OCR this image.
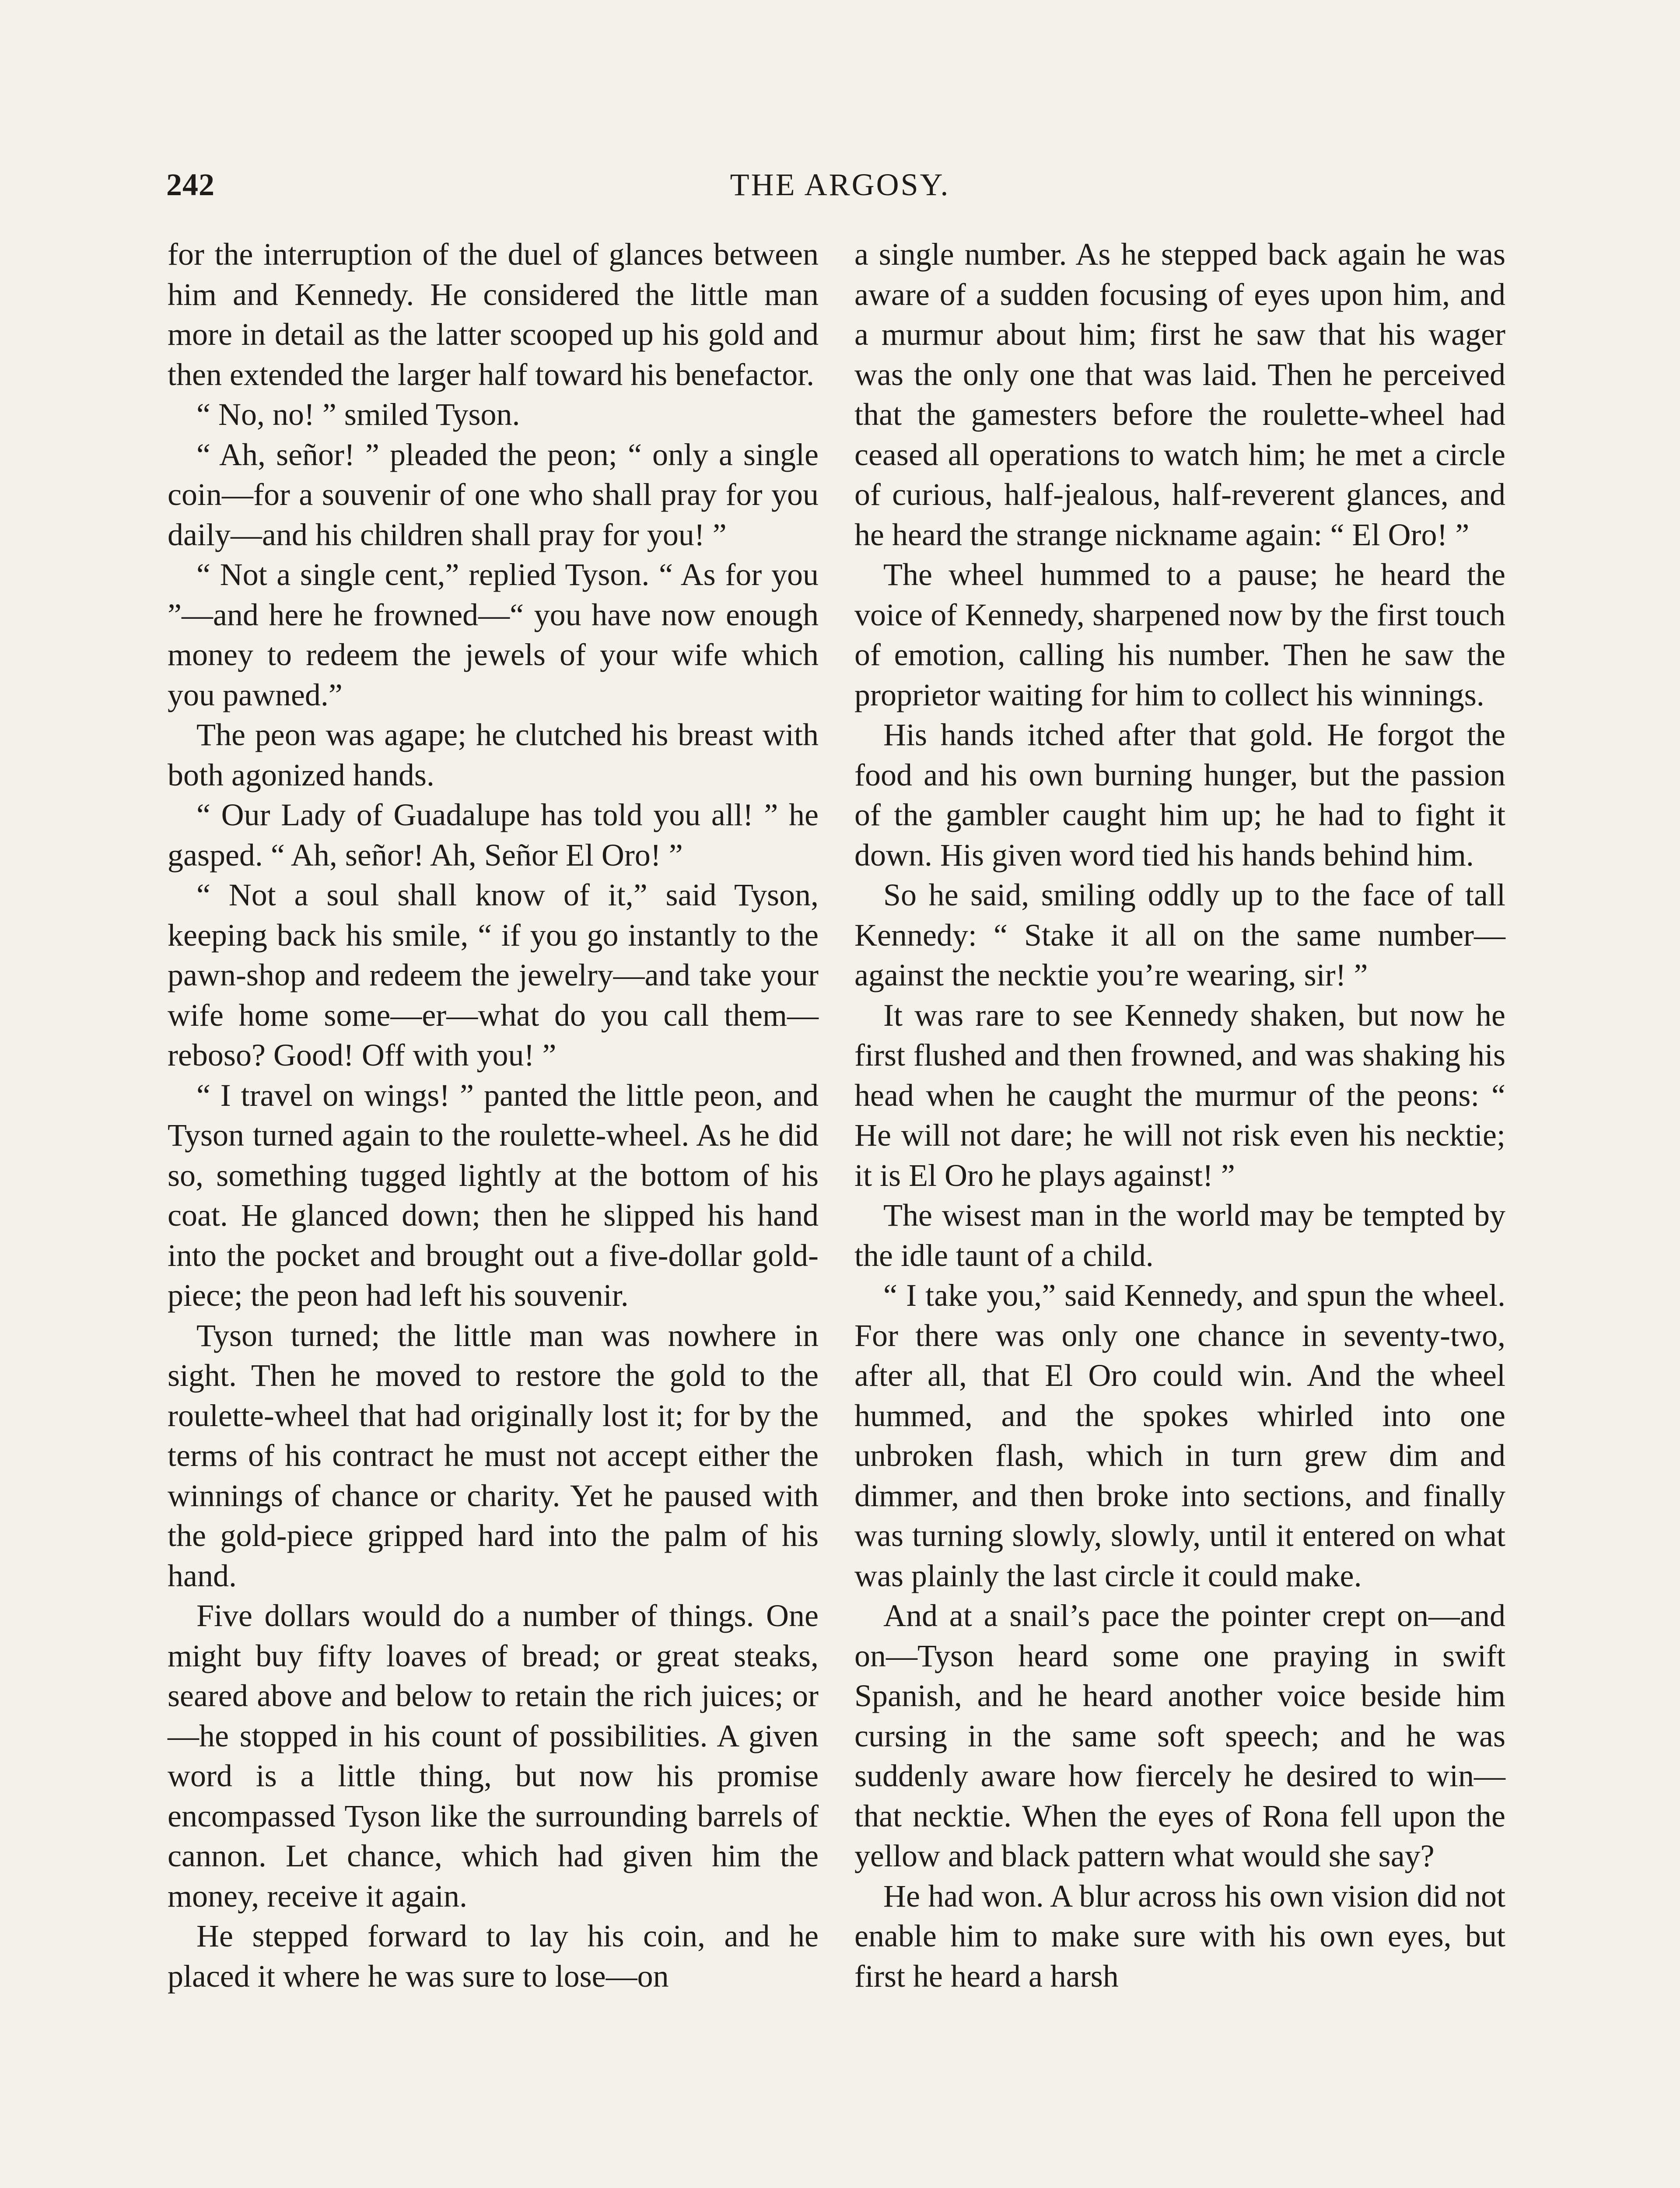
242	THE ARGOSY.

for the interruption of the duel of glances between him and Kennedy. He considered the little man more in detail as the latter scooped up his gold and then extended the larger half toward his benefactor.

“ No, no! ” smiled Tyson.

“ Ah, señor! ” pleaded the peon; “ only a single coin—for a souvenir of one who shall pray for you daily—and his children shall pray for you! ”

“ Not a single cent,” replied Tyson. “ As for you ”—and here he frowned—“ you have now enough money to redeem the jewels of your wife which you pawned.”

The peon was agape; he clutched his breast with both agonized hands.

“ Our Lady of Guadalupe has told you all! ” he gasped. “ Ah, señor! Ah, Señor El Oro! ”

“ Not a soul shall know of it,” said Tyson, keeping back his smile, “ if you go instantly to the pawn-shop and redeem the jewelry—and take your wife home some—er—what do you call them—reboso? Good! Off with you! ”

“ I travel on wings! ” panted the little peon, and Tyson turned again to the roulette-wheel. As he did so, something tugged lightly at the bottom of his coat. He glanced down; then he slipped his hand into the pocket and brought out a five-dollar gold-piece; the peon had left his souvenir.

Tyson turned; the little man was nowhere in sight. Then he moved to restore the gold to the roulette-wheel that had originally lost it; for by the terms of his contract he must not accept either the winnings of chance or charity. Yet he paused with the gold-piece gripped hard into the palm of his hand.

Five dollars would do a number of things. One might buy fifty loaves of bread; or great steaks, seared above and below to retain the rich juices; or—he stopped in his count of possibilities. A given word is a little thing, but now his promise encompassed Tyson like the surrounding barrels of cannon. Let chance, which had given him the money, receive it again.

He stepped forward to lay his coin, and he placed it where he was sure to lose—on

a single number. As he stepped back again he was aware of a sudden focusing of eyes upon him, and a murmur about him; first he saw that his wager was the only one that was laid. Then he perceived that the gamesters before the roulette-wheel had ceased all operations to watch him; he met a circle of curious, half-jealous, half-reverent glances, and he heard the strange nickname again: “ El Oro! ”

The wheel hummed to a pause; he heard the voice of Kennedy, sharpened now by the first touch of emotion, calling his number. Then he saw the proprietor waiting for him to collect his winnings.

His hands itched after that gold. He forgot the food and his own burning hunger, but the passion of the gambler caught him up; he had to fight it down. His given word tied his hands behind him.

So he said, smiling oddly up to the face of tall Kennedy: “ Stake it all on the same number—against the necktie you’re wearing, sir! ”

It was rare to see Kennedy shaken, but now he first flushed and then frowned, and was shaking his head when he caught the murmur of the peons: “ He will not dare; he will not risk even his necktie; it is El Oro he plays against! ”

The wisest man in the world may be tempted by the idle taunt of a child.

“ I take you,” said Kennedy, and spun the wheel. For there was only one chance in seventy-two, after all, that El Oro could win. And the wheel hummed, and the spokes whirled into one unbroken flash, which in turn grew dim and dimmer, and then broke into sections, and finally was turning slowly, slowly, until it entered on what was plainly the last circle it could make.

And at a snail’s pace the pointer crept on—and on—Tyson heard some one praying in swift Spanish, and he heard another voice beside him cursing in the same soft speech; and he was suddenly aware how fiercely he desired to win—that necktie. When the eyes of Rona fell upon the yellow and black pattern what would she say?

He had won. A blur across his own vision did not enable him to make sure with his own eyes, but first he heard a harsh
